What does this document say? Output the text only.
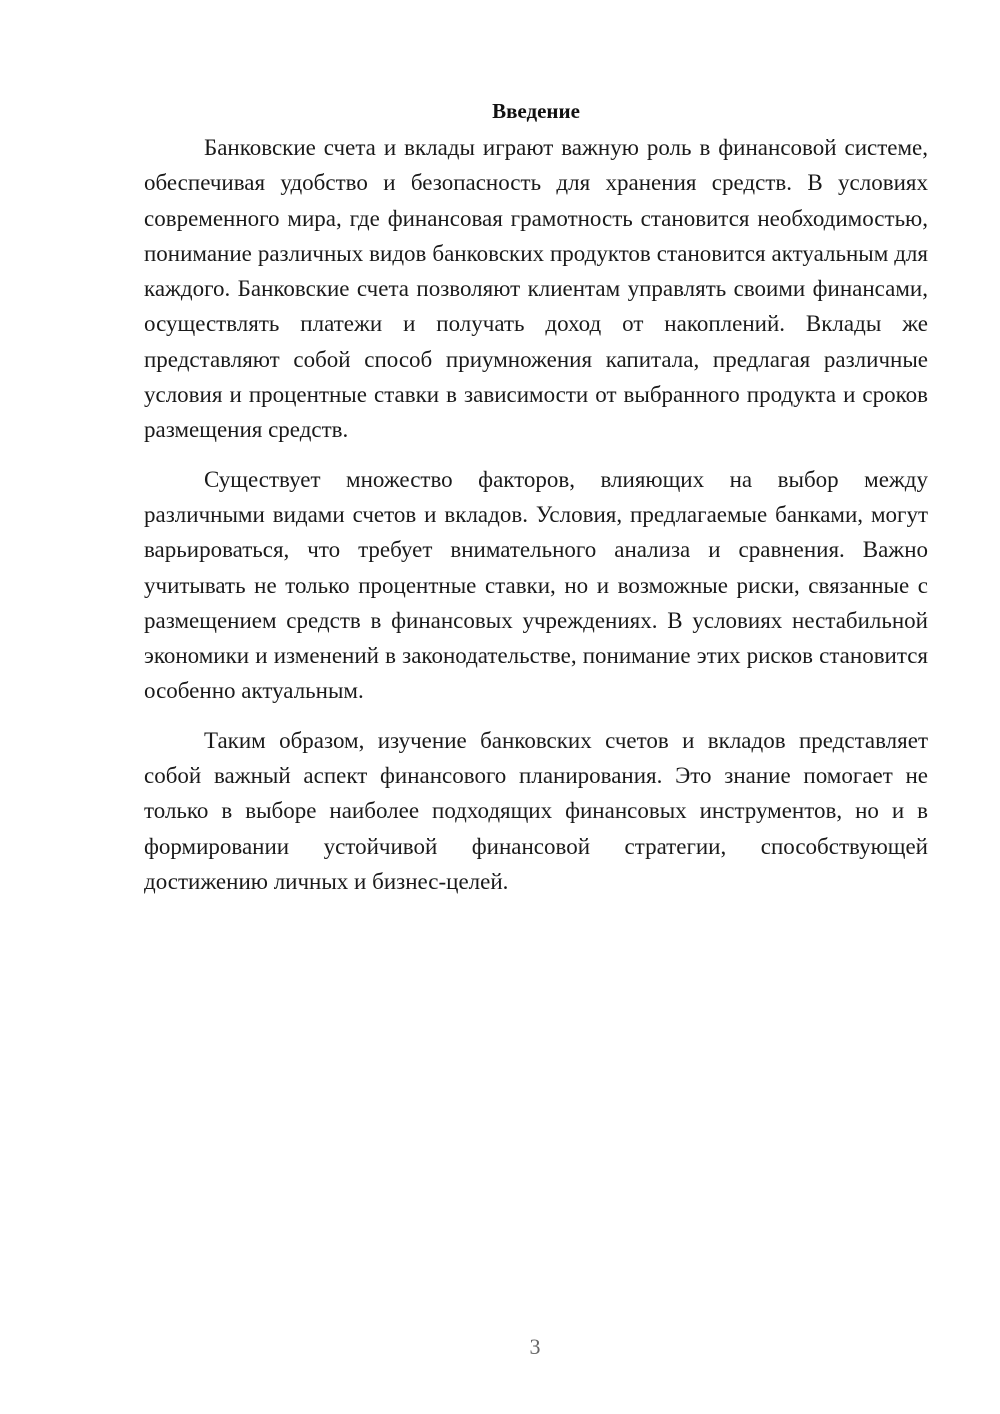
Введение

Банковские счета и вклады играют важную роль в финансовой системе, обеспечивая удобство и безопасность для хранения средств. В условиях современного мира, где финансовая грамотность становится необходимостью, понимание различных видов банковских продуктов становится актуальным для каждого. Банковские счета позволяют клиентам управлять своими финансами, осуществлять платежи и получать доход от накоплений. Вклады же представляют собой способ приумножения капитала, предлагая различные условия и процентные ставки в зависимости от выбранного продукта и сроков размещения средств.

Существует множество факторов, влияющих на выбор между различными видами счетов и вкладов. Условия, предлагаемые банками, могут варьироваться, что требует внимательного анализа и сравнения. Важно учитывать не только процентные ставки, но и возможные риски, связанные с размещением средств в финансовых учреждениях. В условиях нестабильной экономики и изменений в законодательстве, понимание этих рисков становится особенно актуальным.

Таким образом, изучение банковских счетов и вкладов представляет собой важный аспект финансового планирования. Это знание помогает не только в выборе наиболее подходящих финансовых инструментов, но и в формировании устойчивой финансовой стратегии, способствующей достижению личных и бизнес-целей.

3
